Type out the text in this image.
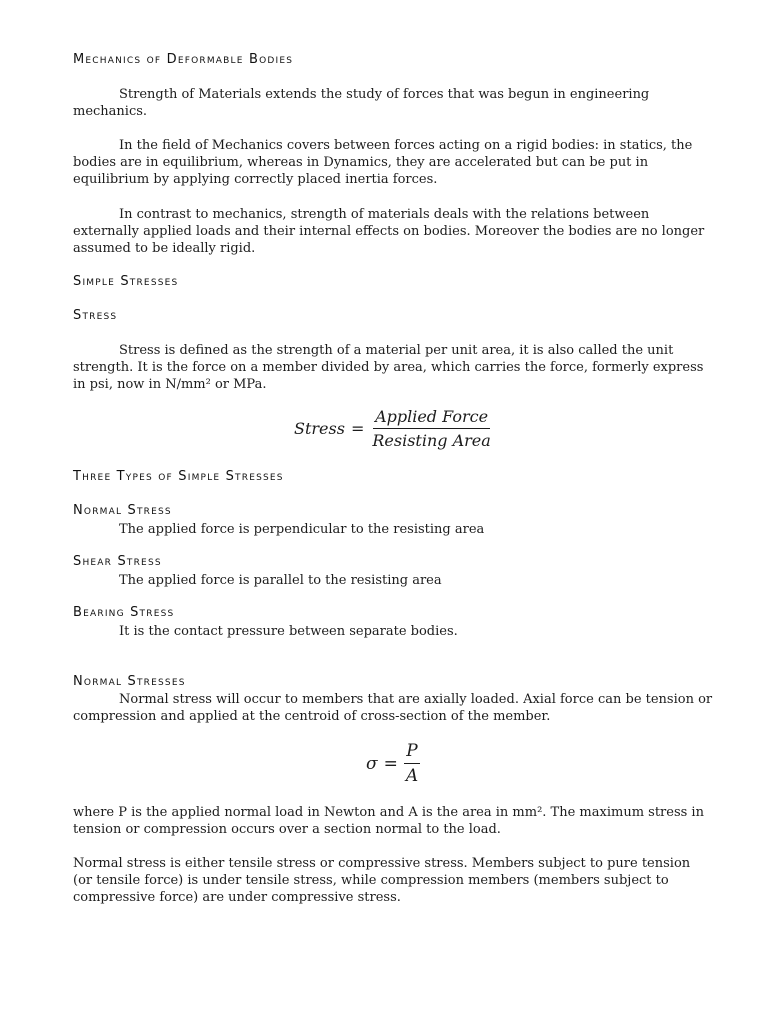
Mechanics of Deformable Bodies

Strength of Materials extends the study of forces that was begun in engineering mechanics.

In the field of Mechanics covers between forces acting on a rigid bodies: in statics, the bodies are in equilibrium, whereas in Dynamics, they are accelerated but can be put in equilibrium by applying correctly placed inertia forces.

In contrast to mechanics, strength of materials deals with the relations between externally applied loads and their internal effects on bodies. Moreover the bodies are no longer assumed to be ideally rigid.

Simple Stresses
Stress

Stress is defined as the strength of a material per unit area, it is also called the unit strength. It is the force on a member divided by area, which carries the force, formerly express in psi, now in N/mm² or MPa.

Stress = $\frac{\text{Applied Force}}{\text{Resisting Area}}$
Three Types of Simple Stresses
Normal Stress
The applied force is perpendicular to the resisting area
Shear Stress
The applied force is parallel to the resisting area
Bearing Stress
It is the contact pressure between separate bodies.
Normal Stresses

Normal stress will occur to members that are axially loaded. Axial force can be tension or compression and applied at the centroid of cross-section of the member.

$\sigma = \frac{P}{A}$

where P is the applied normal load in Newton and A is the area in mm². The maximum stress in tension or compression occurs over a section normal to the load.

Normal stress is either tensile stress or compressive stress. Members subject to pure tension (or tensile force) is under tensile stress, while compression members (members subject to compressive force) are under compressive stress.
